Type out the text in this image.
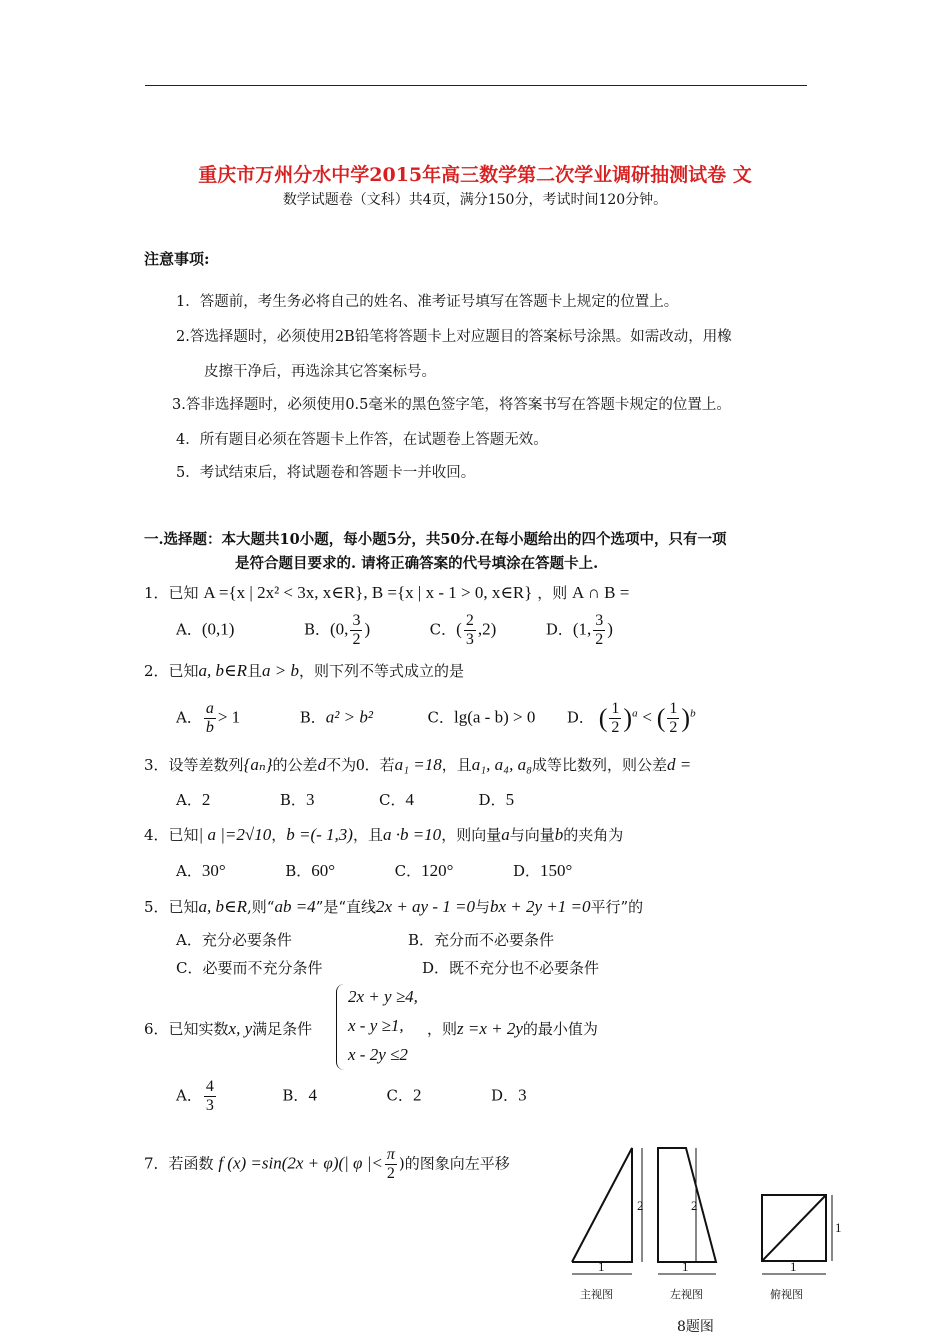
重庆市万州分水中学2015年高三数学第二次学业调研抽测试卷 文
数学试题卷（文科）共4页，满分150分，考试时间120分钟。
注意事项:
1．答题前，考生务必将自己的姓名、准考证号填写在答题卡上规定的位置上。
2.答选择题时，必须使用2B铅笔将答题卡上对应题目的答案标号涂黑。如需改动，用橡
皮擦干净后，再选涂其它答案标号。
3.答非选择题时，必须使用0.5毫米的黑色签字笔，将答案书写在答题卡规定的位置上。
4．所有题目必须在答题卡上作答，在试题卷上答题无效。
5．考试结束后，将试题卷和答题卡一并收回。
一.选择题：本大题共10小题，每小题5分，共50分.在每小题给出的四个选项中，只有一项
是符合题目要求的. 请将正确答案的代号填涂在答题卡上.
1．已知 A ={x | 2x² < 3x, x∈R}, B ={x | x - 1 > 0, x∈R} ，则 A ∩ B =
A．(0,1)	B．(0, $\frac{3}{2}$ )	C．( $\frac{2}{3} ,2$)	D．(1, $\frac{3}{2}$ )
2．已知a, b∈R且a > b，则下列不等式成立的是
A． $\frac{a}{b} > 1$	B．a² > b²	C．lg(a - b) > 0 D． ( $\frac{1}{2} )^a$ < ( $\frac{1}{2} )^b$
3．设等差数列{aₙ}的公差d不为0．若a₁ =18，且a₁, a₄, a₈成等比数列，则公差d =
A．2	B．3	C．4	D．5
4．已知| a |=2√10，b =(- 1,3)，且a ·b =10，则向量a与向量b的夹角为
A．30°	B．60°	C．120°	D．150°
5．已知a, b∈R,则“ab =4”是“直线2x + ay - 1 =0与bx + 2y +1 =0平行”的
A．充分必要条件	B．充分而不必要条件
C．必要而不充分条件	D．既不充分也不必要条件
6．已知实数x, y满足条件
2x + y ≥4,
x - y ≥1,
x - 2y ≤2
，则z =x + 2y的最小值为
A． $\frac{4}{3}$	B．4	C．2	D．3
7．若函数 f (x) =sin(2x + φ)(| φ |< $\frac{\pi}{2}$ )的图象向左平移
2
1
2
1	1
1
主视图	左视图	俯视图
8题图
